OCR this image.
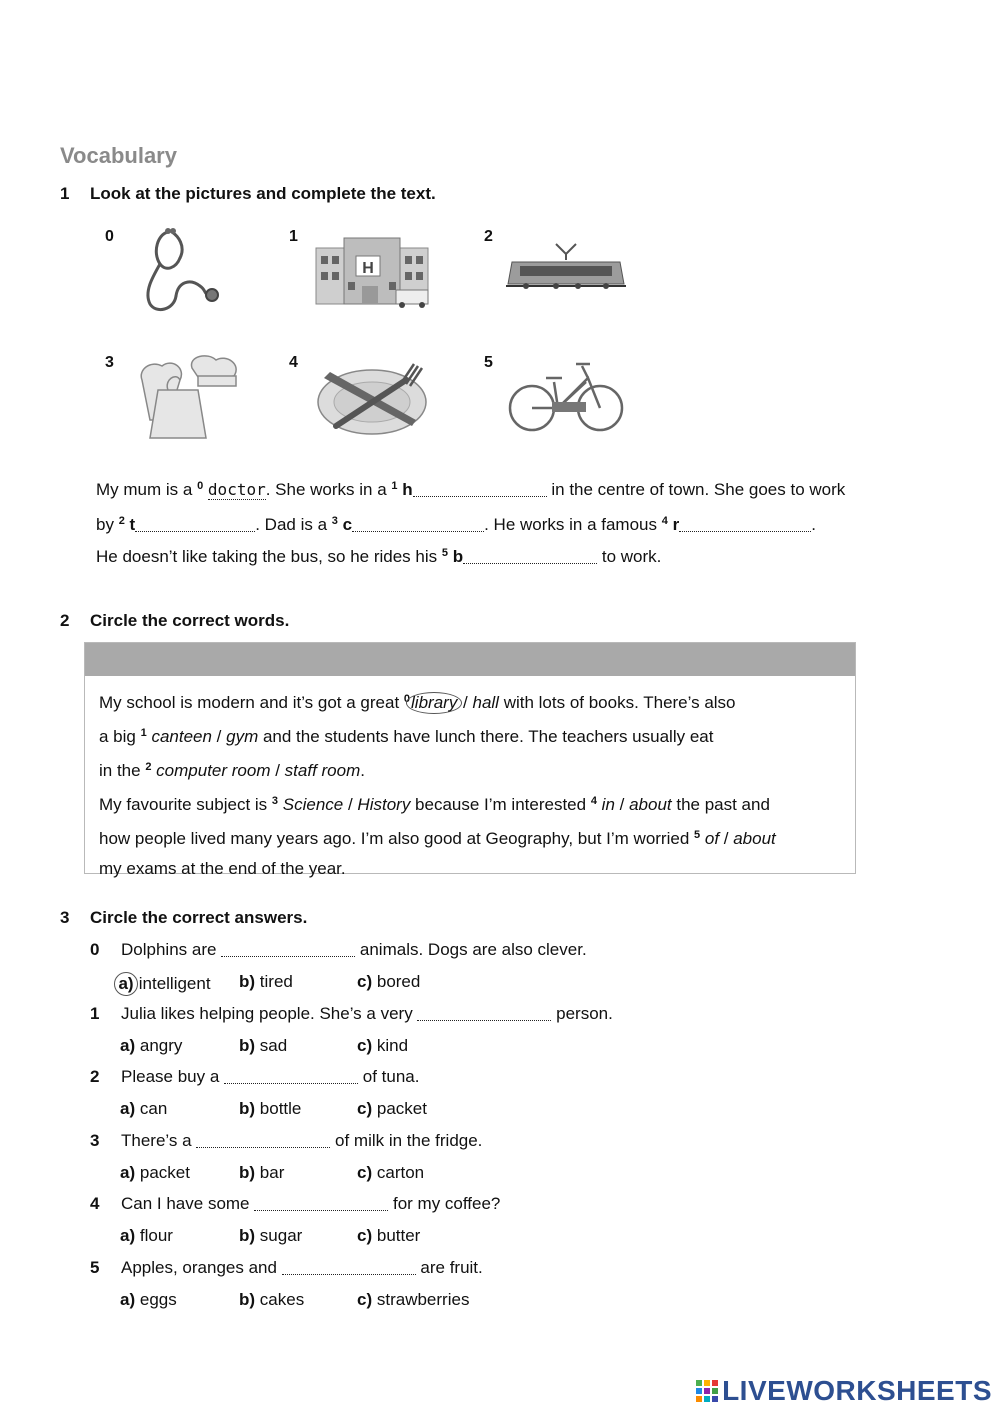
Vocabulary
1 Look at the pictures and complete the text.
0	1	2
3	4	5
H
My mum is a $^0$ doctor. She works in a $^1$ h	in the centre of town. She goes to work
by $^2$ t	. Dad is a $^3$ c	. He works in a famous $^4$ r	.
He doesn’t like taking the bus, so he rides his $^5$ b	to work.
2 Circle the correct words.
My school is modern and it’s got a great $^0$library / hall with lots of books. There’s also
a big $^1$ canteen / gym and the students have lunch there. The teachers usually eat
in the $^2$ computer room / staff room.
My favourite subject is $^3$ Science / History because I’m interested $^4$ in / about the past and
how people lived many years ago. I’m also good at Geography, but I’m worried $^5$ of / about
my exams at the end of the year.
3 Circle the correct answers.
0 Dolphins are	animals. Dogs are also clever.
a) intelligent b) tired	c) bored
1 Julia likes helping people. She’s a very	person.
a) angry	b) sad	c) kind
2 Please buy a	of tuna.
a) can	b) bottle	c) packet
3 There’s a	of milk in the fridge.
a) packet	b) bar	c) carton
4 Can I have some	for my coffee?
a) flour	b) sugar	c) butter
5 Apples, oranges and	are fruit.
a) eggs	b) cakes	c) strawberries
LIVEWORKSHEETS
